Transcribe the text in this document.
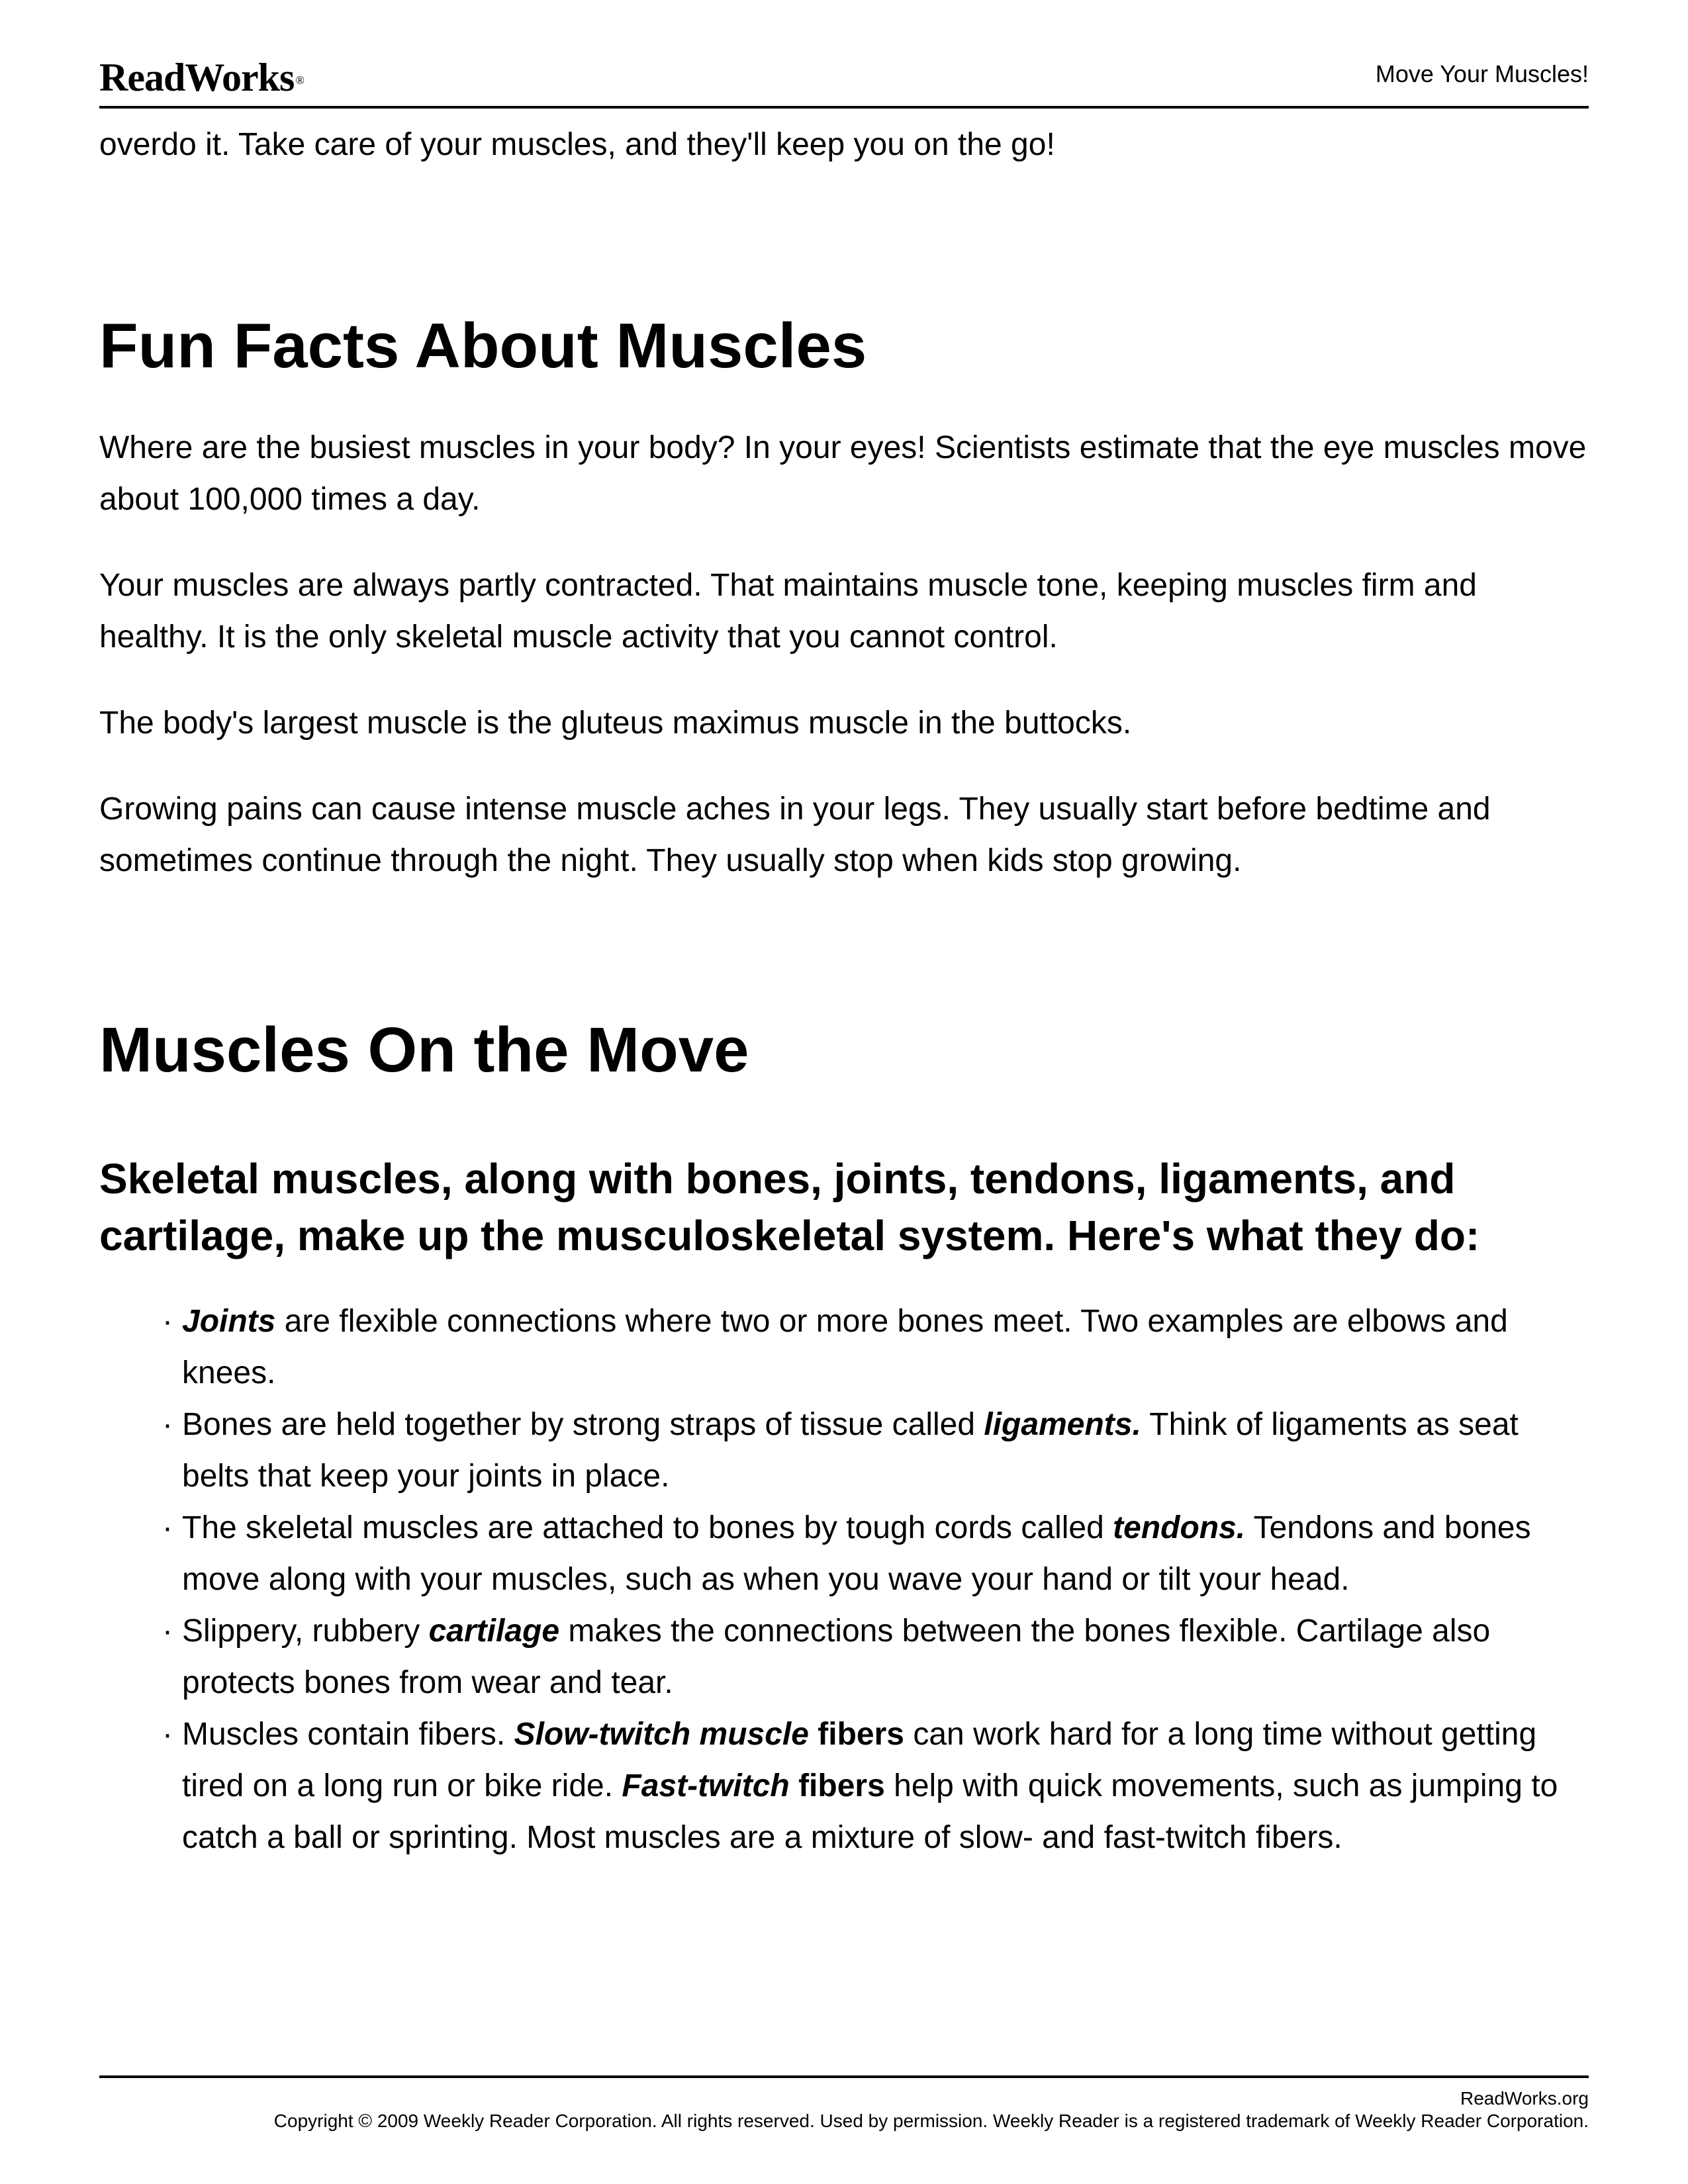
ReadWorks ®	Move Your Muscles!

overdo it. Take care of your muscles, and they'll keep you on the go!

Fun Facts About Muscles

Where are the busiest muscles in your body? In your eyes! Scientists estimate that the eye muscles move about 100,000 times a day.

Your muscles are always partly contracted. That maintains muscle tone, keeping muscles firm and healthy. It is the only skeletal muscle activity that you cannot control.

The body's largest muscle is the gluteus maximus muscle in the buttocks.

Growing pains can cause intense muscle aches in your legs. They usually start before bedtime and sometimes continue through the night. They usually stop when kids stop growing.

Muscles On the Move
Skeletal muscles, along with bones, joints, tendons, ligaments, and cartilage, make up the musculoskeletal system. Here's what they do:
· Joints are flexible connections where two or more bones meet. Two examples are elbows and knees.
· Bones are held together by strong straps of tissue called ligaments. Think of ligaments as seat belts that keep your joints in place.
· The skeletal muscles are attached to bones by tough cords called tendons. Tendons and bones move along with your muscles, such as when you wave your hand or tilt your head.
· Slippery, rubbery cartilage makes the connections between the bones flexible. Cartilage also protects bones from wear and tear.
· Muscles contain fibers. Slow-twitch muscle fibers can work hard for a long time without getting tired on a long run or bike ride. Fast-twitch fibers help with quick movements, such as jumping to catch a ball or sprinting. Most muscles are a mixture of slow- and fast-twitch fibers.
ReadWorks.org
Copyright © 2009 Weekly Reader Corporation. All rights reserved. Used by permission. Weekly Reader is a registered trademark of Weekly Reader Corporation.
